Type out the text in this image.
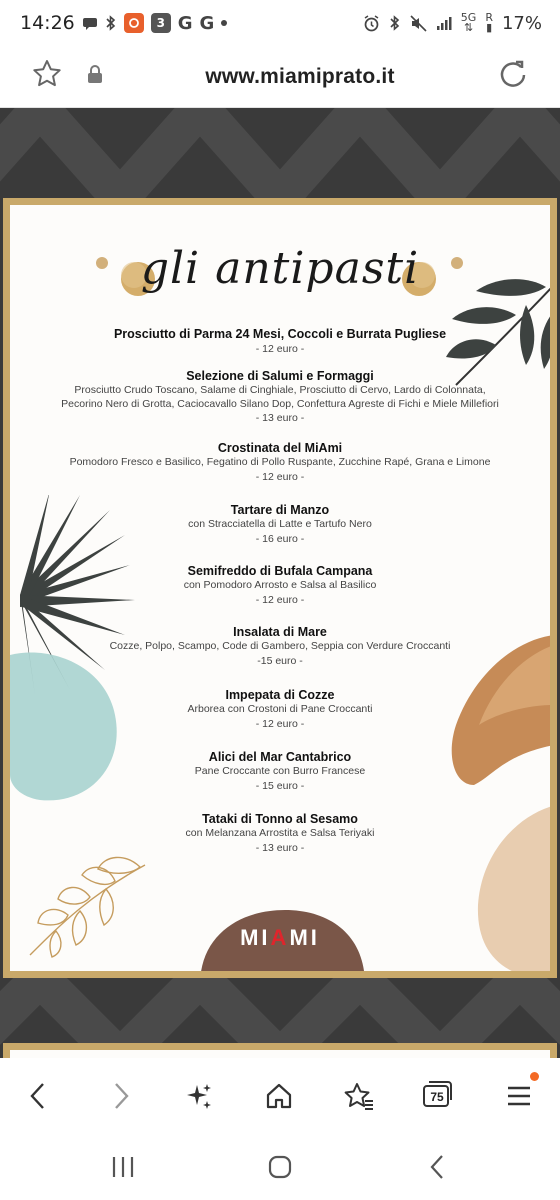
14:26	3 G G	5G
⇅
R
▮ 17%
www.miamiprato.it
gli antipasti
Prosciutto di Parma 24 Mesi, Coccoli e Burrata Pugliese
- 12 euro -
Selezione di Salumi e Formaggi
Prosciutto Crudo Toscano, Salame di Cinghiale, Prosciutto di Cervo, Lardo di Colonnata,
Pecorino Nero di Grotta, Caciocavallo Silano Dop, Confettura Agreste di Fichi e Miele Millefiori
- 13 euro -
Crostinata del MiAmi
Pomodoro Fresco e Basilico, Fegatino di Pollo Ruspante, Zucchine Rapé, Grana e Limone
- 12 euro -
Tartare di Manzo
con Stracciatella di Latte e Tartufo Nero
- 16 euro -
Semifreddo di Bufala Campana
con Pomodoro Arrosto e Salsa al Basilico
- 12 euro -
Insalata di Mare
Cozze, Polpo, Scampo, Code di Gambero, Seppia con Verdure Croccanti
-15 euro -
Impepata di Cozze
Arborea con Crostoni di Pane Croccanti
- 12 euro -
Alici del Mar Cantabrico
Pane Croccante con Burro Francese
- 15 euro -
Tataki di Tonno al Sesamo
con Melanzana Arrostita e Salsa Teriyaki
- 13 euro -
MIAMI
75
